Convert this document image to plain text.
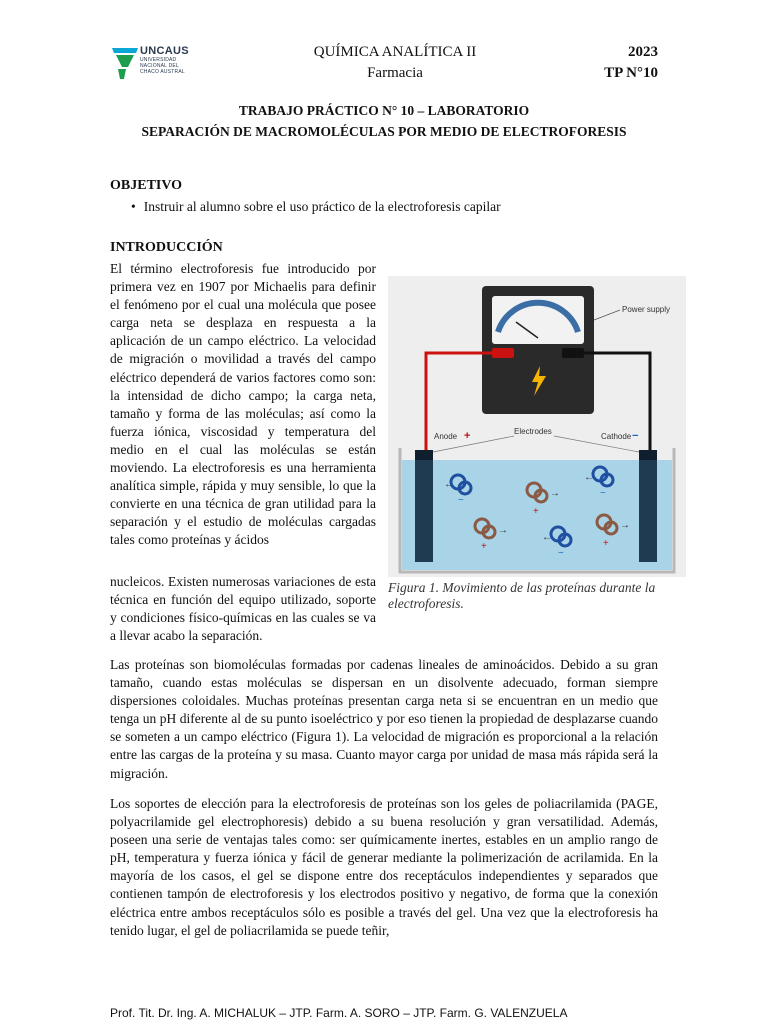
UNCAUS
UNIVERSIDAD
NACIONAL DEL
CHACO AUSTRAL
QUÍMICA ANALÍTICA II
Farmacia
2023
TP N°10
TRABAJO PRÁCTICO N° 10 – LABORATORIO
SEPARACIÓN DE MACROMOLÉCULAS POR MEDIO DE ELECTROFORESIS
OBJETIVO
• Instruir al alumno sobre el uso práctico de la electroforesis capilar
INTRODUCCIÓN

El término electroforesis fue introducido por primera vez en 1907 por Michaelis para definir el fenómeno por el cual una molécula que posee carga neta se desplaza en respuesta a la aplicación de un campo eléctrico. La velocidad de migración o movilidad a través del campo eléctrico dependerá de varios factores como son: la intensidad de dicho campo; la carga neta, tamaño y forma de las moléculas; así como la fuerza iónica, viscosidad y temperatura del medio en el cual las moléculas se están moviendo. La electroforesis es una herramienta analítica simple, rápida y muy sensible, lo que la convierte en una técnica de gran utilidad para la separación y el estudio de moléculas cargadas tales como proteínas y ácidos

nucleicos. Existen numerosas variaciones de esta técnica en función del equipo utilizado, soporte y condiciones físico-químicas en las cuales se va a llevar acabo la separación.

Power supply
Anode +	Electrodes
Cathode −
←
−
→
+
←
−
→
+
←
−
→
+
Figura 1. Movimiento de las proteínas durante la electroforesis.

Las proteínas son biomoléculas formadas por cadenas lineales de aminoácidos. Debido a su gran tamaño, cuando estas moléculas se dispersan en un disolvente adecuado, forman siempre dispersiones coloidales. Muchas proteínas presentan carga neta si se encuentran en un medio que tenga un pH diferente al de su punto isoeléctrico y por eso tienen la propiedad de desplazarse cuando se someten a un campo eléctrico (Figura 1). La velocidad de migración es proporcional a la relación entre las cargas de la proteína y su masa. Cuanto mayor carga por unidad de masa más rápida será la migración.

Los soportes de elección para la electroforesis de proteínas son los geles de poliacrilamida (PAGE, polyacrilamide gel electrophoresis) debido a su buena resolución y gran versatilidad. Además, poseen una serie de ventajas tales como: ser químicamente inertes, estables en un amplio rango de pH, temperatura y fuerza iónica y fácil de generar mediante la polimerización de acrilamida. En la mayoría de los casos, el gel se dispone entre dos receptáculos independientes y separados que contienen tampón de electroforesis y los electrodos positivo y negativo, de forma que la conexión eléctrica entre ambos receptáculos sólo es posible a través del gel. Una vez que la electroforesis ha tenido lugar, el gel de poliacrilamida se puede teñir,

Prof. Tit. Dr. Ing. A. MICHALUK – JTP. Farm. A. SORO – JTP. Farm. G. VALENZUELA
